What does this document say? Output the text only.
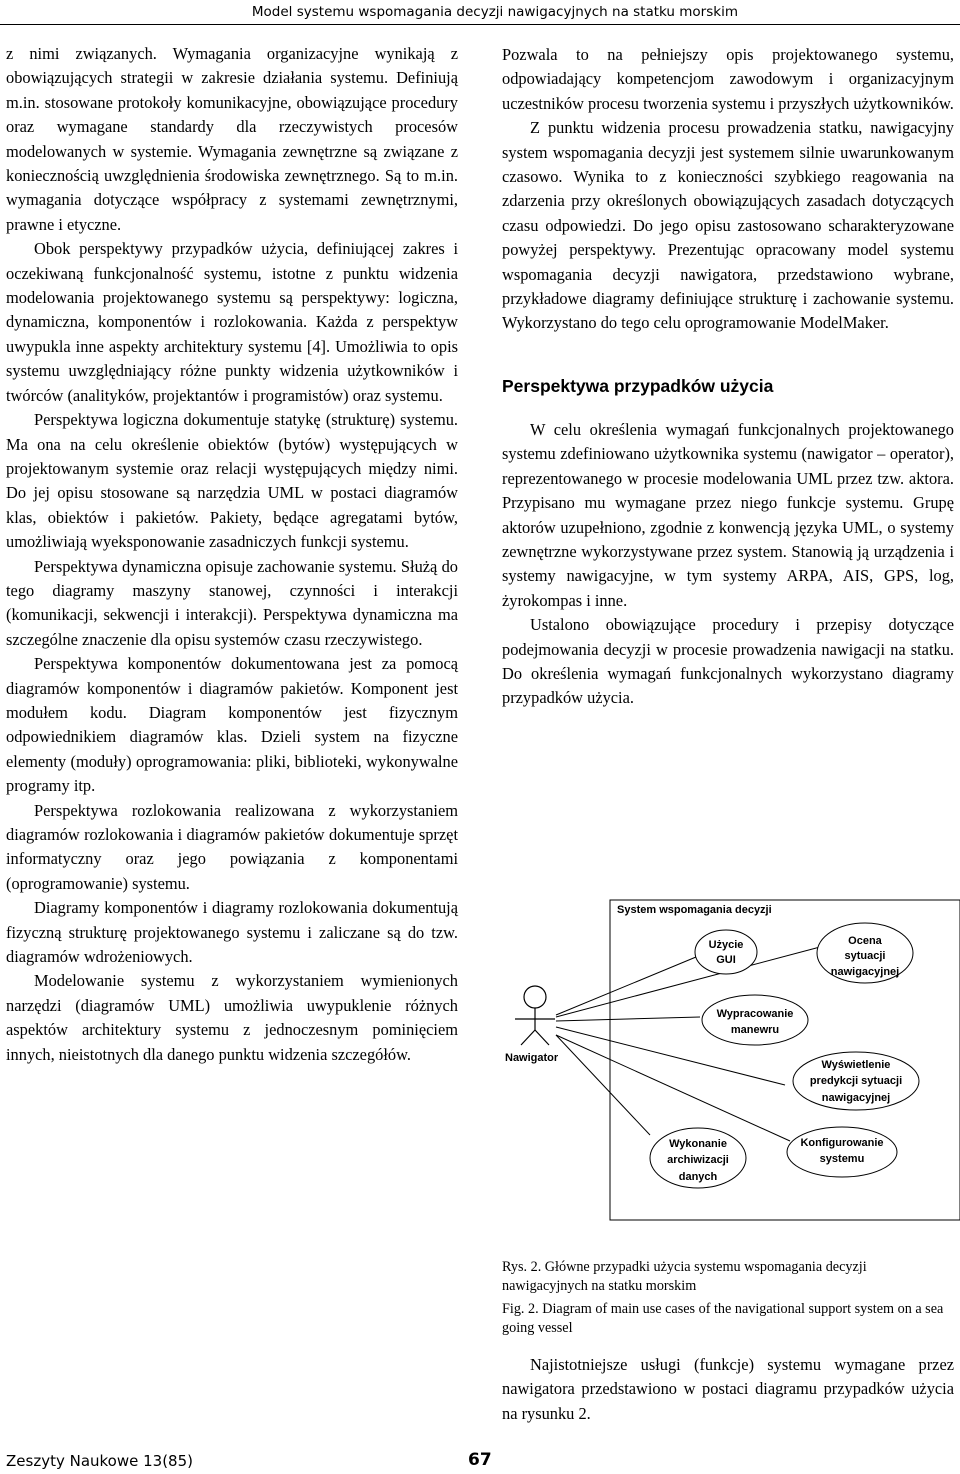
Model systemu wspomagania decyzji nawigacyjnych na statku morskim

z nimi związanych. Wymagania organizacyjne wynikają z obowiązujących strategii w zakresie działania systemu. Definiują m.in. stosowane protokoły komunikacyjne, obowiązujące procedury oraz wymagane standardy dla rzeczywistych procesów modelowanych w systemie. Wymagania zewnętrzne są związane z koniecznością uwzględnienia środowiska zewnętrznego. Są to m.in. wymagania dotyczące współpracy z systemami zewnętrznymi, prawne i etyczne.

Obok perspektywy przypadków użycia, definiującej zakres i oczekiwaną funkcjonalność systemu, istotne z punktu widzenia modelowania projektowanego systemu są perspektywy: logiczna, dynamiczna, komponentów i rozlokowania. Każda z perspektyw uwypukla inne aspekty architektury systemu [4]. Umożliwia to opis systemu uwzględniający różne punkty widzenia użytkowników i twórców (analityków, projektantów i programistów) oraz systemu.

Perspektywa logiczna dokumentuje statykę (strukturę) systemu. Ma ona na celu określenie obiektów (bytów) występujących w projektowanym systemie oraz relacji występujących między nimi. Do jej opisu stosowane są narzędzia UML w postaci diagramów klas, obiektów i pakietów. Pakiety, będące agregatami bytów, umożliwiają wyeksponowanie zasadniczych funkcji systemu.

Perspektywa dynamiczna opisuje zachowanie systemu. Służą do tego diagramy maszyny stanowej, czynności i interakcji (komunikacji, sekwencji i interakcji). Perspektywa dynamiczna ma szczególne znaczenie dla opisu systemów czasu rzeczywistego.

Perspektywa komponentów dokumentowana jest za pomocą diagramów komponentów i diagramów pakietów. Komponent jest modułem kodu. Diagram komponentów jest fizycznym odpowiednikiem diagramów klas. Dzieli system na fizyczne elementy (moduły) oprogramowania: pliki, biblioteki, wykonywalne programy itp.

Perspektywa rozlokowania realizowana z wykorzystaniem diagramów rozlokowania i diagramów pakietów dokumentuje sprzęt informatyczny oraz jego powiązania z komponentami (oprogramowanie) systemu.

Diagramy komponentów i diagramy rozlokowania dokumentują fizyczną strukturę projektowanego systemu i zaliczane są do tzw. diagramów wdrożeniowych.

Modelowanie systemu z wykorzystaniem wymienionych narzędzi (diagramów UML) umożliwia uwypuklenie różnych aspektów architektury systemu z jednoczesnym pominięciem innych, nieistotnych dla danego punktu widzenia szczegółów.

Pozwala to na pełniejszy opis projektowanego systemu, odpowiadający kompetencjom zawodowym i organizacyjnym uczestników procesu tworzenia systemu i przyszłych użytkowników.

Z punktu widzenia procesu prowadzenia statku, nawigacyjny system wspomagania decyzji jest systemem silnie uwarunkowanym czasowo. Wynika to z konieczności szybkiego reagowania na zdarzenia przy określonych obowiązujących zasadach dotyczących czasu odpowiedzi. Do jego opisu zastosowano scharakteryzowane powyżej perspektywy. Prezentując opracowany model systemu wspomagania decyzji nawigatora, przedstawiono wybrane, przykładowe diagramy definiujące strukturę i zachowanie systemu. Wykorzystano do tego celu oprogramowanie ModelMaker.

Perspektywa przypadków użycia

W celu określenia wymagań funkcjonalnych projektowanego systemu zdefiniowano użytkownika systemu (nawigator – operator), reprezentowanego w procesie modelowania UML przez tzw. aktora. Przypisano mu wymagane przez niego funkcje systemu. Grupę aktorów uzupełniono, zgodnie z konwencją języka UML, o systemy zewnętrzne wykorzystywane przez system. Stanowią ją urządzenia i systemy nawigacyjne, w tym systemy ARPA, AIS, GPS, log, żyrokompas i inne.

Ustalono obowiązujące procedury i przepisy dotyczące podejmowania decyzji w procesie prowadzenia nawigacji na statku. Do określenia wymagań funkcjonalnych wykorzystano diagramy przypadków użycia.

System wspomagania decyzji
Nawigator
Użycie
GUI
Ocena
sytuacji
nawigacyjnej
Wypracowanie
manewru
Wyświetlenie
predykcji sytuacji
nawigacyjnej
Wykonanie
archiwizacji
danych
Konfigurowanie
systemu
Rys. 2. Główne przypadki użycia systemu wspomagania decyzji nawigacyjnych na statku morskim
Fig. 2. Diagram of main use cases of the navigational support system on a sea going vessel

Najistotniejsze usługi (funkcje) systemu wymagane przez nawigatora przedstawiono w postaci diagramu przypadków użycia na rysunku 2.

Zeszyty Naukowe 13(85)	67
